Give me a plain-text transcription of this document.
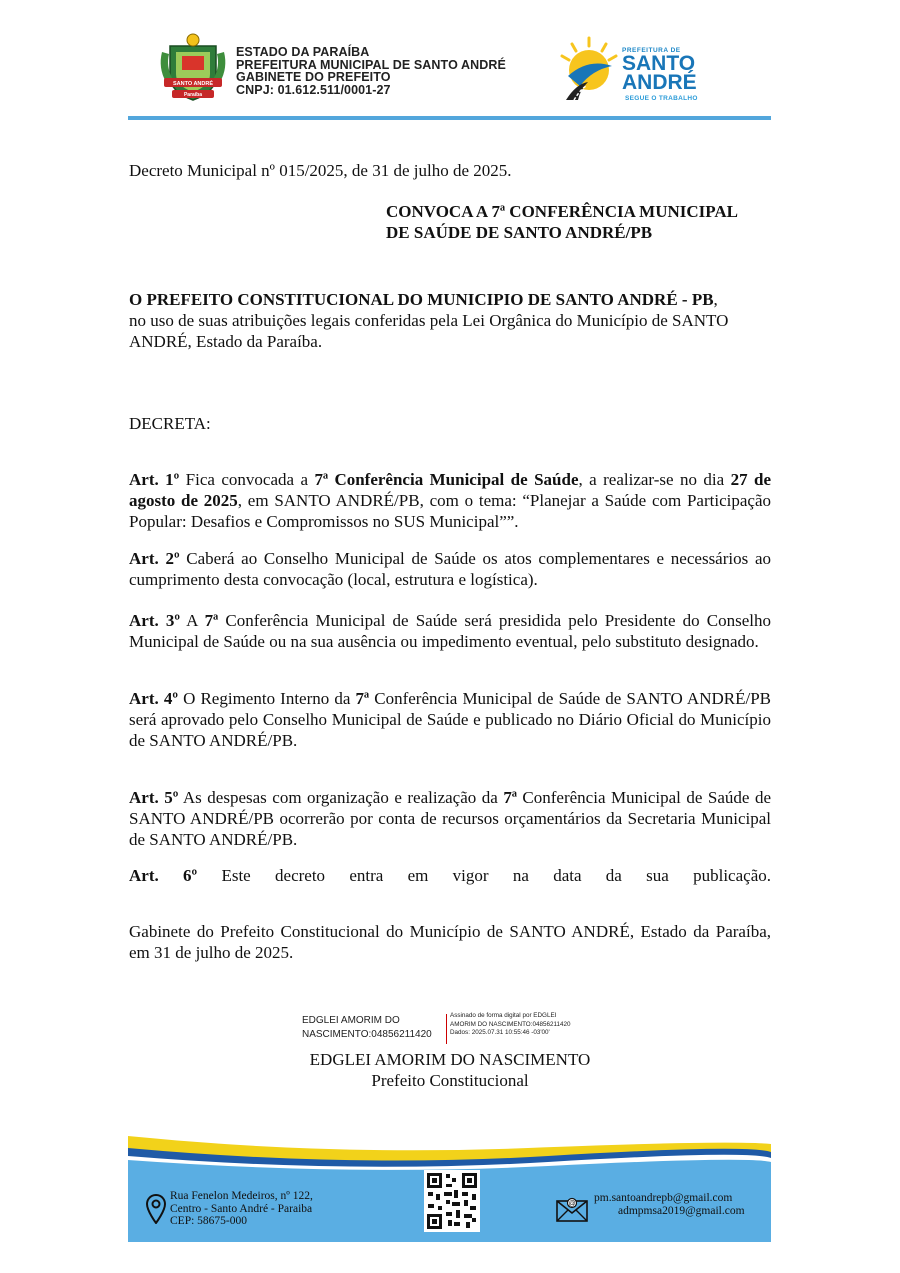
SANTO ANDRÉ
Paraíba
ESTADO DA PARAÍBA
PREFEITURA MUNICIPAL DE SANTO ANDRÉ
GABINETE DO PREFEITO
CNPJ: 01.612.511/0001-27
PREFEITURA DE
SANTO
ANDRÉ
SEGUE O TRABALHO
Decreto Municipal nº 015/2025, de 31 de julho de 2025.
CONVOCA A 7ª CONFERÊNCIA MUNICIPAL
DE SAÚDE DE SANTO ANDRÉ/PB
O PREFEITO CONSTITUCIONAL DO MUNICIPIO DE SANTO ANDRÉ - PB,
no uso de suas atribuições legais conferidas pela Lei Orgânica do Município de SANTO
ANDRÉ, Estado da Paraíba.
DECRETA:
Art. 1º Fica convocada a 7ª Conferência Municipal de Saúde, a realizar-se no dia 27 de agosto de 2025, em SANTO ANDRÉ/PB, com o tema: “Planejar a Saúde com Participação Popular: Desafios e Compromissos no SUS Municipal””.
Art. 2º Caberá ao Conselho Municipal de Saúde os atos complementares e necessários ao cumprimento desta convocação (local, estrutura e logística).
Art. 3º A 7ª Conferência Municipal de Saúde será presidida pelo Presidente do Conselho Municipal de Saúde ou na sua ausência ou impedimento eventual, pelo substituto designado.
Art. 4º O Regimento Interno da 7ª Conferência Municipal de Saúde de SANTO ANDRÉ/PB será aprovado pelo Conselho Municipal de Saúde e publicado no Diário Oficial do Município de SANTO ANDRÉ/PB.
Art. 5º As despesas com organização e realização da 7ª Conferência Municipal de Saúde de SANTO ANDRÉ/PB ocorrerão por conta de recursos orçamentários da Secretaria Municipal de SANTO ANDRÉ/PB.
Art. 6º Este decreto entra em vigor na data da sua publicação.
Gabinete do Prefeito Constitucional do Município de SANTO ANDRÉ, Estado da Paraíba, em 31 de julho de 2025.
EDGLEI AMORIM DO
NASCIMENTO:04856211420
Assinado de forma digital por EDGLEI
AMORIM DO NASCIMENTO:04856211420
Dados: 2025.07.31 10:55:46 -03'00'
EDGLEI AMORIM DO NASCIMENTO
Prefeito Constitucional
Rua Fenelon Medeiros, nº 122,
Centro - Santo André - Paraiba
CEP: 58675-000
@ pm.santoandrepb@gmail.com
admpmsa2019@gmail.com
